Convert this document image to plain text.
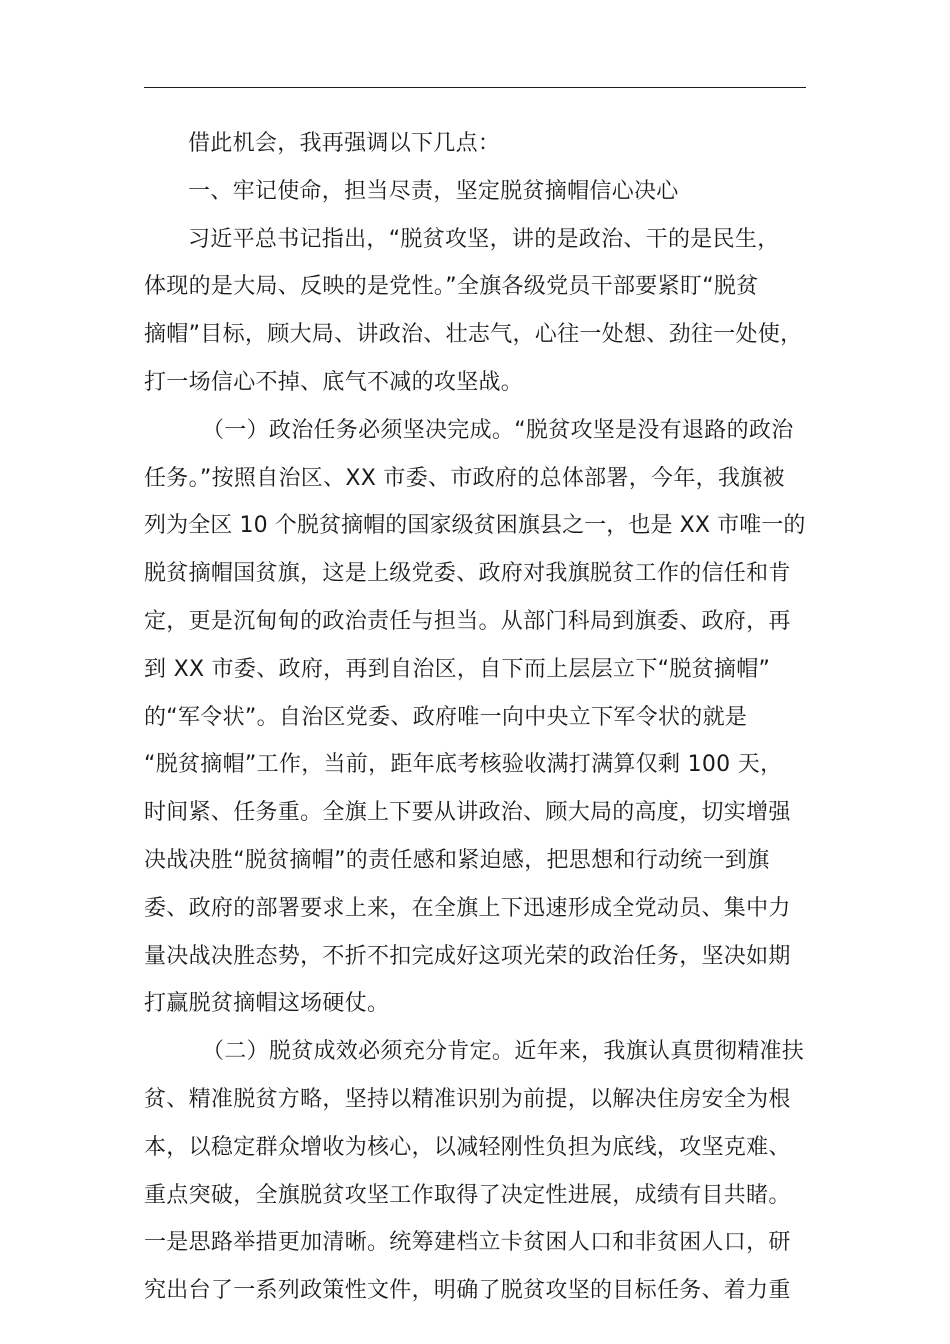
借此机会，我再强调以下几点：
一、牢记使命，担当尽责，坚定脱贫摘帽信心决心
习近平总书记指出，“脱贫攻坚，讲的是政治、干的是民生，
体现的是大局、反映的是党性。”全旗各级党员干部要紧盯“脱贫
摘帽”目标，顾大局、讲政治、壮志气，心往一处想、劲往一处使，
打一场信心不掉、底气不减的攻坚战。
（一）政治任务必须坚决完成。“脱贫攻坚是没有退路的政治
任务。”按照自治区、XX 市委、市政府的总体部署，今年，我旗被
列为全区 10 个脱贫摘帽的国家级贫困旗县之一，也是 XX 市唯一的
脱贫摘帽国贫旗，这是上级党委、政府对我旗脱贫工作的信任和肯
定，更是沉甸甸的政治责任与担当。从部门科局到旗委、政府，再
到 XX 市委、政府，再到自治区，自下而上层层立下“脱贫摘帽”
的“军令状”。自治区党委、政府唯一向中央立下军令状的就是
“脱贫摘帽”工作，当前，距年底考核验收满打满算仅剩 100 天，
时间紧、任务重。全旗上下要从讲政治、顾大局的高度，切实增强
决战决胜“脱贫摘帽”的责任感和紧迫感，把思想和行动统一到旗
委、政府的部署要求上来，在全旗上下迅速形成全党动员、集中力
量决战决胜态势，不折不扣完成好这项光荣的政治任务，坚决如期
打赢脱贫摘帽这场硬仗。
（二）脱贫成效必须充分肯定。近年来，我旗认真贯彻精准扶
贫、精准脱贫方略，坚持以精准识别为前提，以解决住房安全为根
本，以稳定群众增收为核心，以减轻刚性负担为底线，攻坚克难、
重点突破，全旗脱贫攻坚工作取得了决定性进展，成绩有目共睹。
一是思路举措更加清晰。统筹建档立卡贫困人口和非贫困人口，研
究出台了一系列政策性文件，明确了脱贫攻坚的目标任务、着力重
